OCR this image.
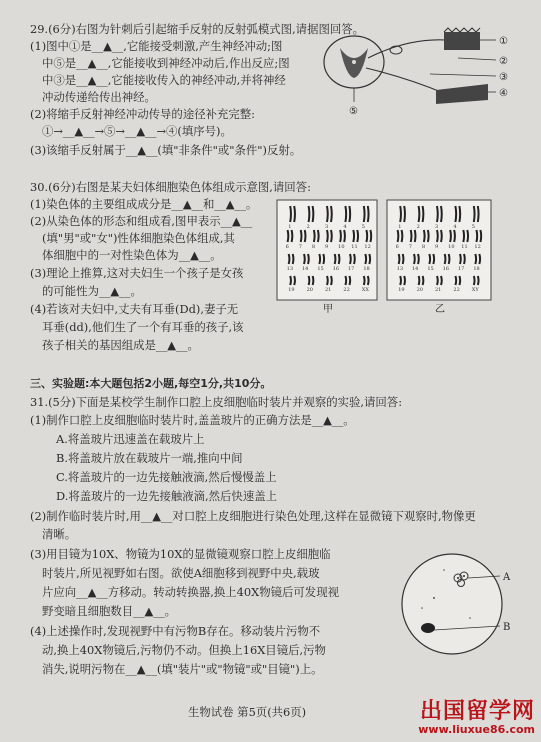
29.(6分)右图为针刺后引起缩手反射的反射弧模式图,请据图回答。
(1)图中①是__▲__,它能接受刺激,产生神经冲动;图
中⑤是__▲__,它能接收到神经冲动后,作出反应;图
中③是__▲__,它能接收传入的神经冲动,并将神经
冲动传递给传出神经。
(2)将缩手反射神经冲动传导的途径补充完整:
①→__▲__→⑤→__▲__→④(填序号)。
(3)该缩手反射属于__▲__(填"非条件"或"条件")反射。
①
②
③
④
⑤
30.(6分)右图是某夫妇体细胞染色体组成示意图,请回答:
(1)染色体的主要组成成分是__▲__和__▲__。
(2)从染色体的形态和组成看,图甲表示__▲__
(填"男"或"女")性体细胞染色体组成,其
体细胞中的一对性染色体为__▲__。
(3)理论上推算,这对夫妇生一个孩子是女孩
的可能性为__▲__。
(4)若该对夫妇中,丈夫有耳垂(Dd),妻子无
耳垂(dd),他们生了一个有耳垂的孩子,该
孩子相关的基因组成是__▲__。
1	2	3	4	5
6 7 8 9 10 11 12
13 14 15 16 17 18
19 20 21 22 XX
1	2	3	4	5
6 7 8 9 10 11 12
13 14 15 16 17 18
19 20 21 22 XY
甲	乙
三、实验题:本大题包括2小题,每空1分,共10分。
31.(5分)下面是某校学生制作口腔上皮细胞临时装片并观察的实验,请回答:
(1)制作口腔上皮细胞临时装片时,盖盖玻片的正确方法是__▲__。
A.将盖玻片迅速盖在载玻片上
B.将盖玻片放在载玻片一端,推向中间
C.将盖玻片的一边先接触液滴,然后慢慢盖上
D.将盖玻片的一边先接触液滴,然后快速盖上
(2)制作临时装片时,用__▲__对口腔上皮细胞进行染色处理,这样在显微镜下观察时,物像更
清晰。
(3)用目镜为10X、物镜为10X的显微镜观察口腔上皮细胞临
时装片,所见视野如右图。欲使A细胞移到视野中央,载玻
片应向__▲__方移动。转动转换器,换上40X物镜后可发现视
野变暗且细胞数目__▲__。
(4)上述操作时,发现视野中有污物B存在。移动装片污物不
动,换上40X物镜后,污物仍不动。但换上16X目镜后,污物
消失,说明污物在__▲__(填"装片"或"物镜"或"目镜")上。
A
B
生物试卷 第5页(共6页)	出国留学网
www.liuxue86.com
